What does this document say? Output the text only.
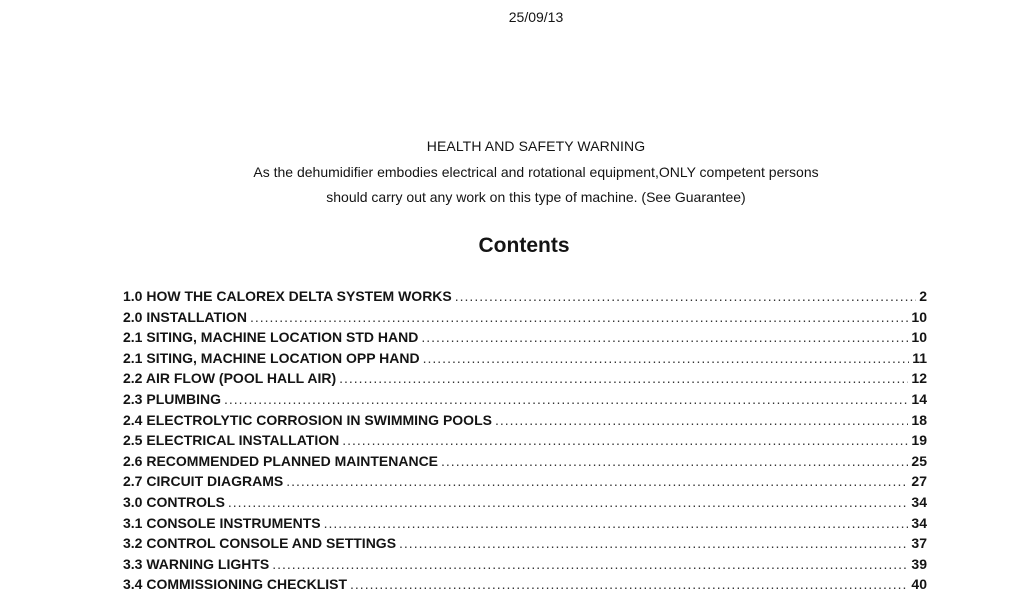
25/09/13
HEALTH AND SAFETY WARNING
As the dehumidifier embodies electrical and rotational equipment,ONLY competent persons
should carry out any work on this type of machine. (See Guarantee)
Contents
1.0 HOW THE CALOREX DELTA SYSTEM WORKS .....	2
2.0 INSTALLATION .....	10
2.1 SITING, MACHINE LOCATION STD HAND .....	10
2.1 SITING, MACHINE LOCATION OPP HAND .....	11
2.2 AIR FLOW (POOL HALL AIR) .....	12
2.3 PLUMBING .....	14
2.4 ELECTROLYTIC CORROSION IN SWIMMING POOLS .....	18
2.5 ELECTRICAL INSTALLATION .....	19
2.6 RECOMMENDED PLANNED MAINTENANCE .....	25
2.7 CIRCUIT DIAGRAMS .....	27
3.0 CONTROLS .....	34
3.1 CONSOLE INSTRUMENTS .....	34
3.2 CONTROL CONSOLE AND SETTINGS .....	37
3.3 WARNING LIGHTS .....	39
3.4 COMMISSIONING CHECKLIST .....	40
